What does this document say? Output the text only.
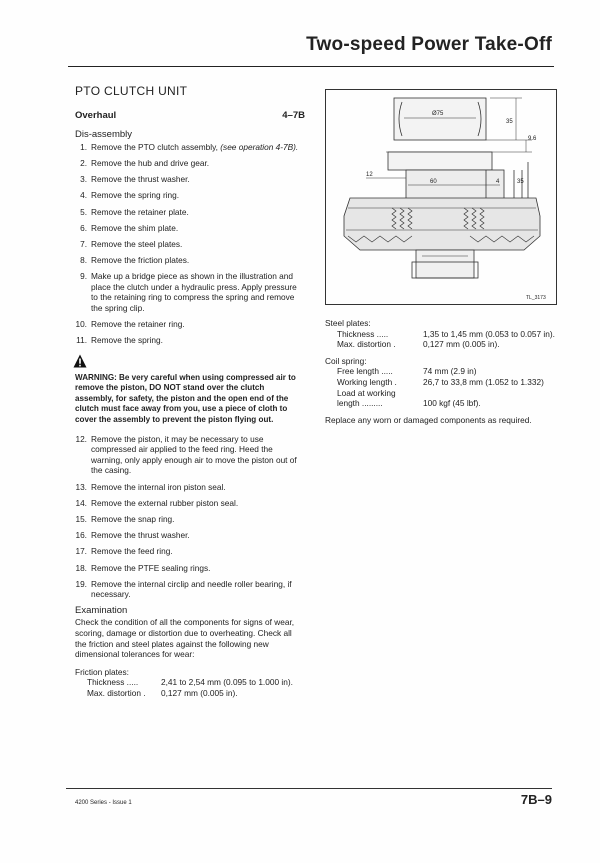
Two-speed Power Take-Off
PTO CLUTCH UNIT
Overhaul	4–7B
Dis-assembly
1. Remove the PTO clutch assembly, (see operation 4-7B).
2. Remove the hub and drive gear.
3. Remove the thrust washer.
4. Remove the spring ring.
5. Remove the retainer plate.
6. Remove the shim plate.
7. Remove the steel plates.
8. Remove the friction plates.
9. Make up a bridge piece as shown in the illustration and place the clutch under a hydraulic press. Apply pressure to the retaining ring to compress the spring and remove the spring clip.
10. Remove the retainer ring.
11. Remove the spring.
WARNING: Be very careful when using compressed air to remove the piston, DO NOT stand over the clutch assembly, for safety, the piston and the open end of the clutch must face away from you, use a piece of cloth to cover the assembly to prevent the piston flying out.
12. Remove the piston, it may be necessary to use compressed air applied to the feed ring. Heed the warning, only apply enough air to move the piston out of the casing.
13. Remove the internal iron piston seal.
14. Remove the external rubber piston seal.
15. Remove the snap ring.
16. Remove the thrust washer.
17. Remove the feed ring.
18. Remove the PTFE sealing rings.
19. Remove the internal circlip and needle roller bearing, if necessary.
Examination
Check the condition of all the components for signs of wear, scoring, damage or distortion due to overheating. Check all the friction and steel plates against the following new dimensional tolerances for wear:
Friction plates:
Thickness .....	2,41 to 2,54 mm (0.095 to 1.000 in).
Max. distortion .	0,127 mm (0.005 in).
Ø75
35
9.6
12
60	4	35
TL_3173
Steel plates:
Thickness .....	1,35 to 1,45 mm (0.053 to 0.057 in).
Max. distortion .	0,127 mm (0.005 in).
Coil spring:
Free length .....	74 mm (2.9 in)
Working length .	26,7 to 33,8 mm (1.052 to 1.332)
Load at working
length .........	100 kgf (45 lbf).
Replace any worn or damaged components as required.
4200 Series - Issue 1	7B–9
